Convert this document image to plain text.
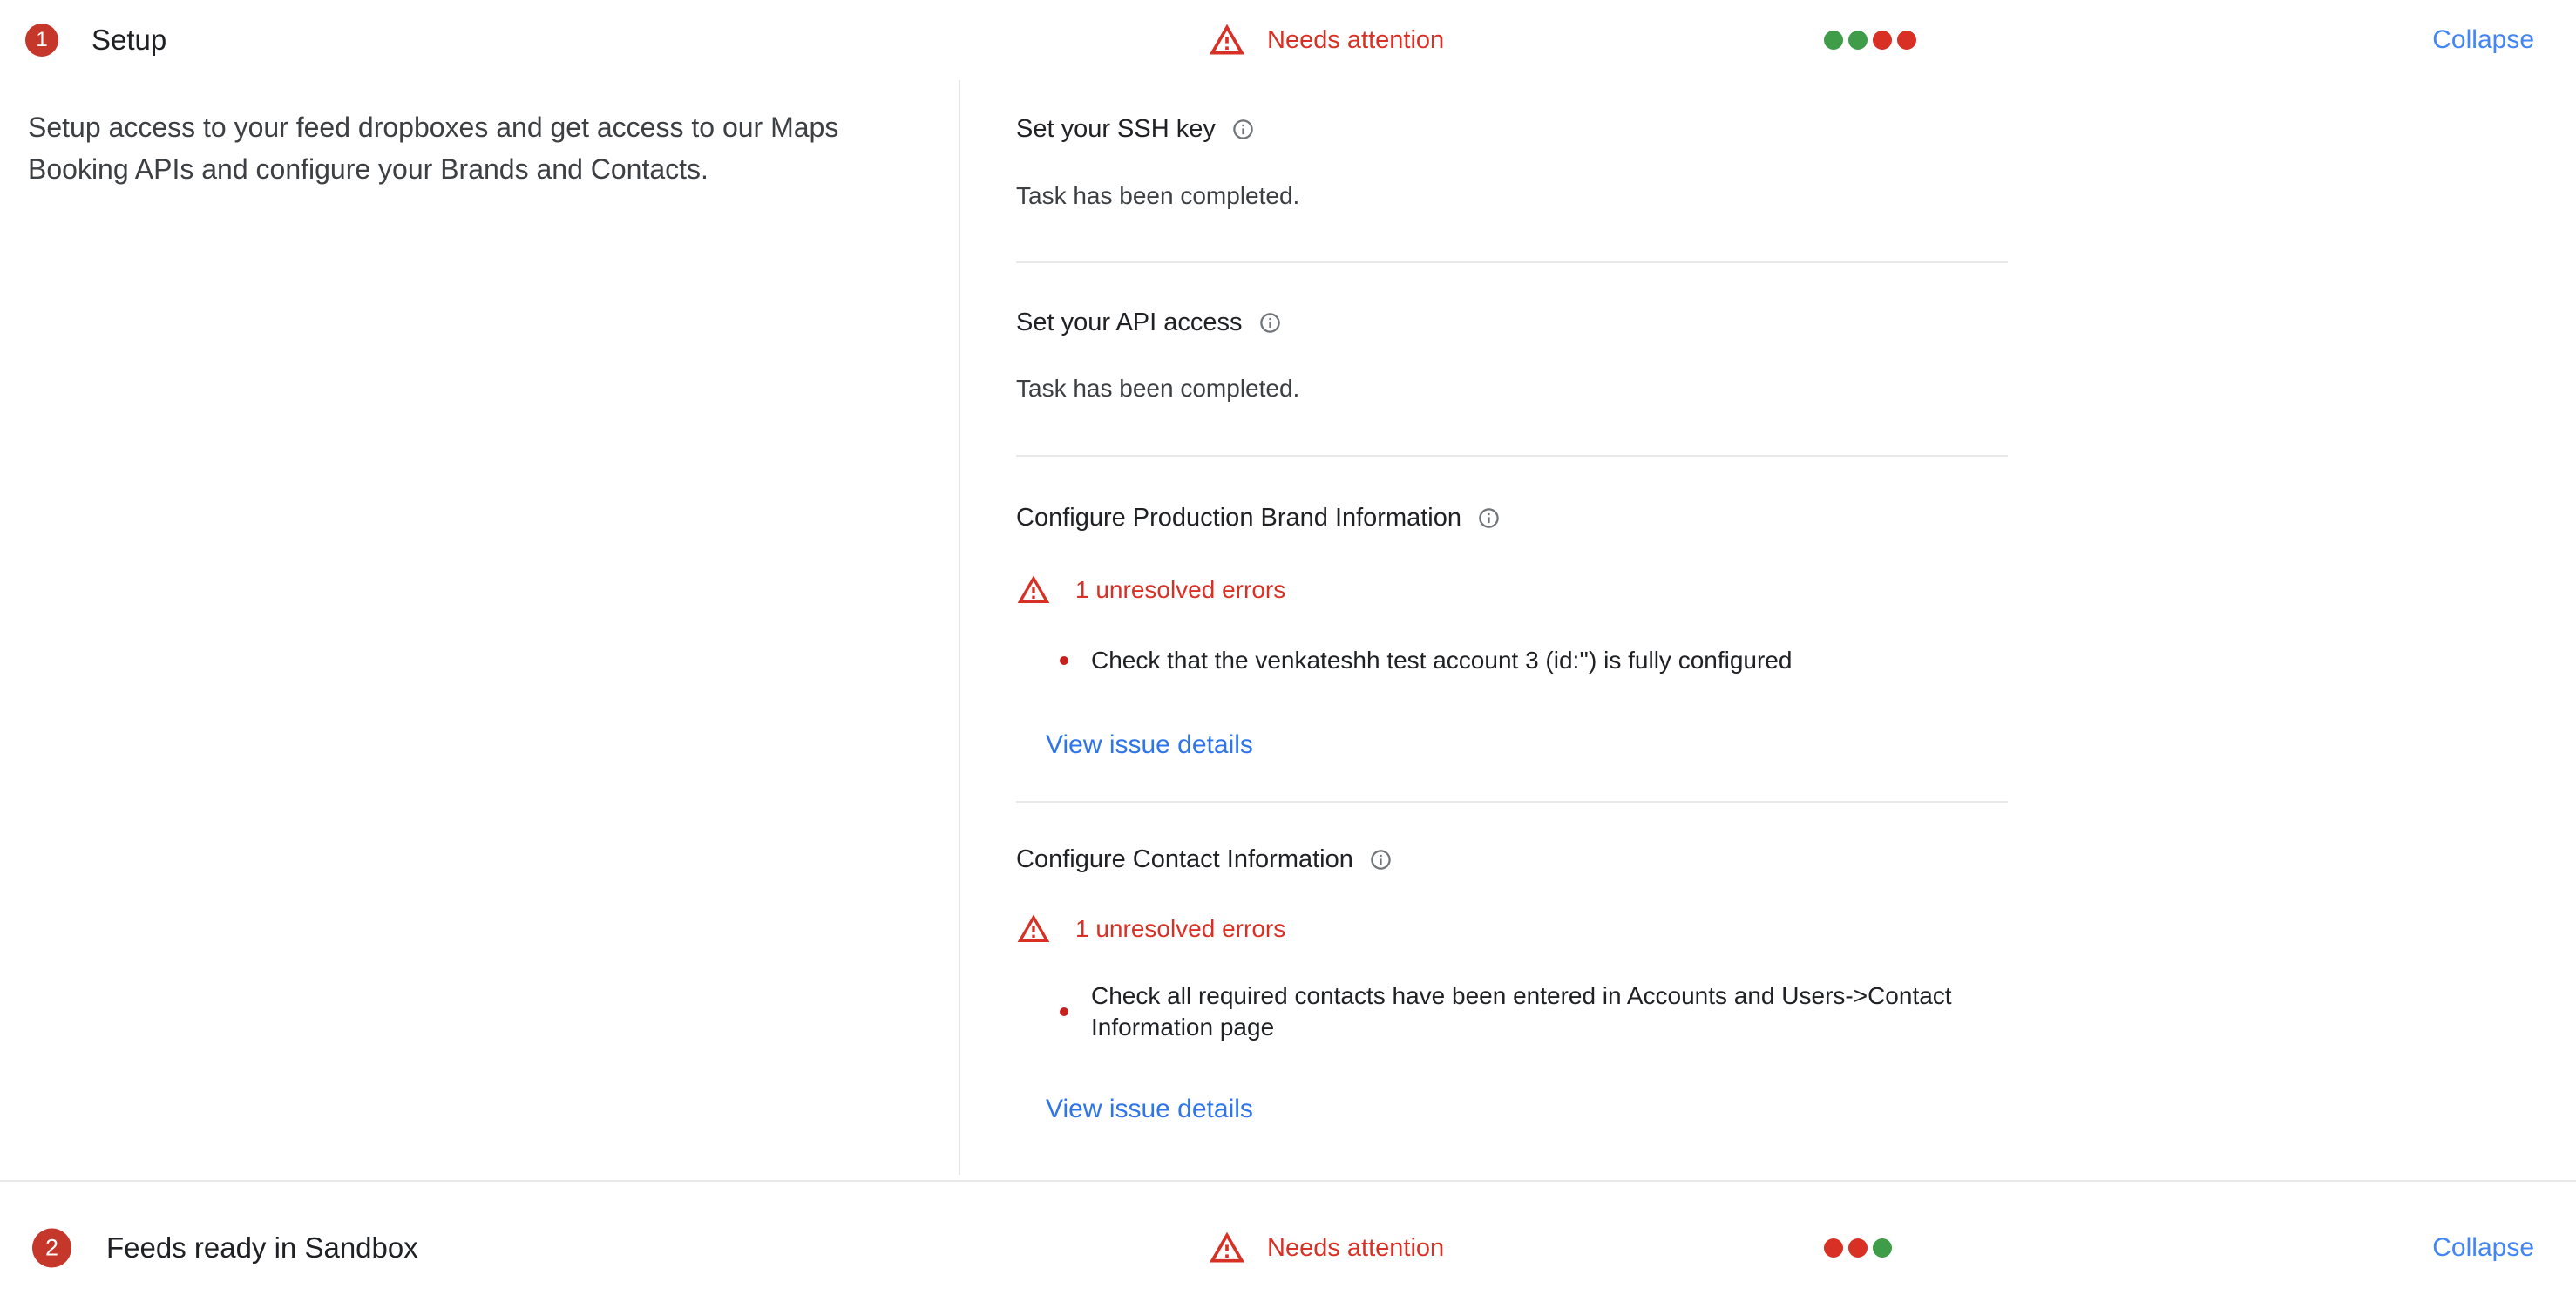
1 Setup	Needs attention	Collapse

Setup access to your feed dropboxes and get access to our Maps Booking APIs and configure your Brands and Contacts.

Set your SSH key
Task has been completed.
Set your API access
Task has been completed.
Configure Production Brand Information
1 unresolved errors
Check that the venkateshh test account 3 (id:'') is fully configured
View issue details
Configure Contact Information
1 unresolved errors
Check all required contacts have been entered in Accounts and Users->Contact Information page
View issue details
2 Feeds ready in Sandbox	Needs attention	Collapse
